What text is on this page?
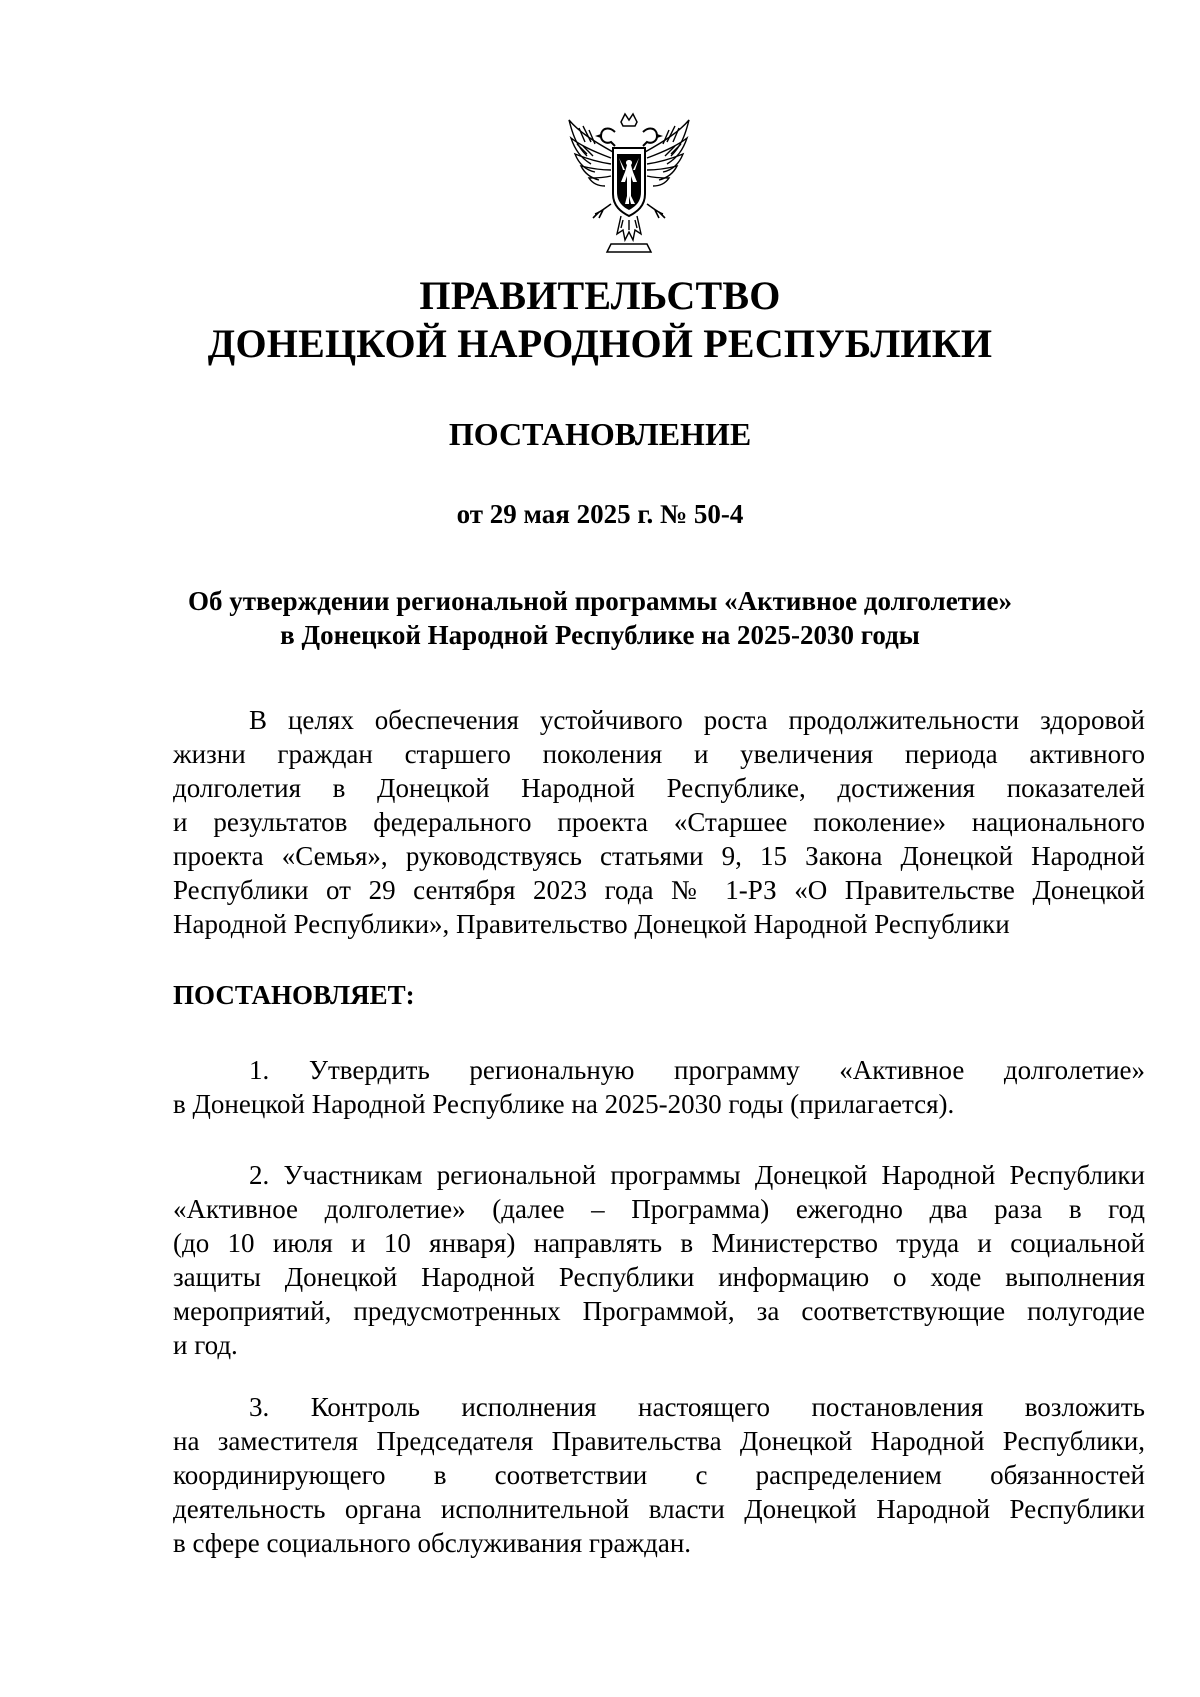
ПРАВИТЕЛЬСТВО
ДОНЕЦКОЙ НАРОДНОЙ РЕСПУБЛИКИ
ПОСТАНОВЛЕНИЕ
от 29 мая 2025 г. № 50-4
Об утверждении региональной программы «Активное долголетие»
в Донецкой Народной Республике на 2025-2030 годы
В целях обеспечения устойчивого роста продолжительности здоровой
жизни граждан старшего поколения и увеличения периода активного
долголетия в Донецкой Народной Республике, достижения показателей
и результатов федерального проекта «Старшее поколение» национального
проекта «Семья», руководствуясь статьями 9, 15 Закона Донецкой Народной
Республики от 29 сентября 2023 года № 1-РЗ «О Правительстве Донецкой
Народной Республики», Правительство Донецкой Народной Республики
ПОСТАНОВЛЯЕТ:
1. Утвердить региональную программу «Активное долголетие»
в Донецкой Народной Республике на 2025-2030 годы (прилагается).
2. Участникам региональной программы Донецкой Народной Республики
«Активное долголетие» (далее – Программа) ежегодно два раза в год
(до 10 июля и 10 января) направлять в Министерство труда и социальной
защиты Донецкой Народной Республики информацию о ходе выполнения
мероприятий, предусмотренных Программой, за соответствующие полугодие
и год.
3. Контроль исполнения настоящего постановления возложить
на заместителя Председателя Правительства Донецкой Народной Республики,
координирующего в соответствии с распределением обязанностей
деятельность органа исполнительной власти Донецкой Народной Республики
в сфере социального обслуживания граждан.
